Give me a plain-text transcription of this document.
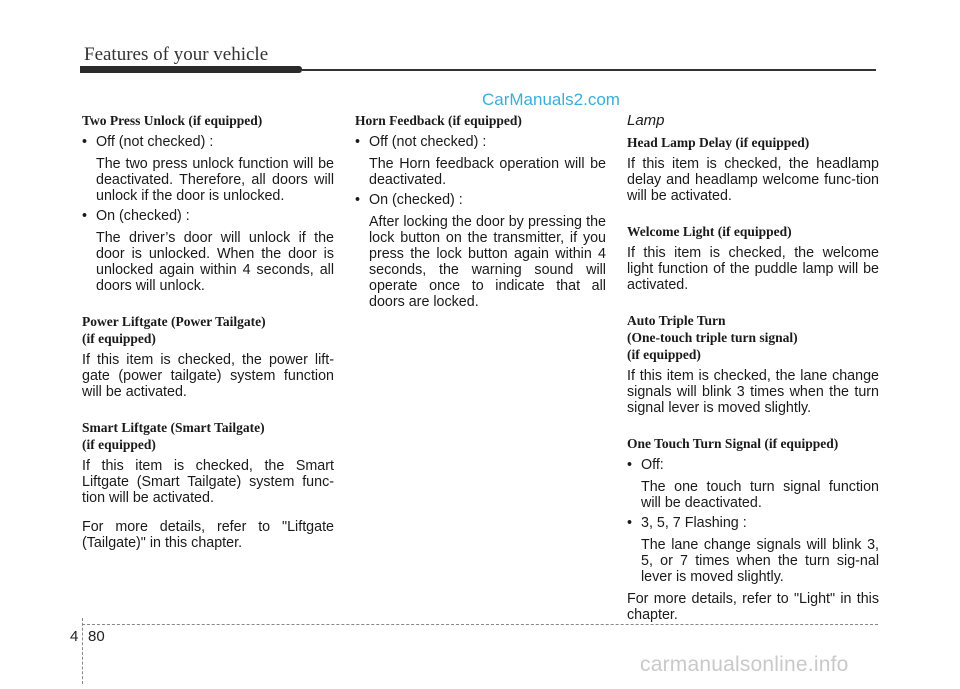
Features of your vehicle
CarManuals2.com
Two Press Unlock (if equipped)
• Off (not checked) :
The two press unlock function will be deactivated. Therefore, all doors will unlock if the door is unlocked.
• On (checked) :
The driver’s door will unlock if the door is unlocked. When the door is unlocked again within 4 seconds, all doors will unlock.
Power Liftgate (Power Tailgate)
(if equipped)

If this item is checked, the power lift-gate (power tailgate) system function will be activated.

Smart Liftgate (Smart Tailgate)
(if equipped)

If this item is checked, the Smart Liftgate (Smart Tailgate) system func-tion will be activated.

For more details, refer to "Liftgate (Tailgate)" in this chapter.

Horn Feedback (if equipped)
• Off (not checked) :
The Horn feedback operation will be deactivated.
• On (checked) :
After locking the door by pressing the lock button on the transmitter, if you press the lock button again within 4 seconds, the warning sound will operate once to indicate that all doors are locked.
Lamp
Head Lamp Delay (if equipped)

If this item is checked, the headlamp delay and headlamp welcome func-tion will be activated.

Welcome Light (if equipped)

If this item is checked, the welcome light function of the puddle lamp will be activated.

Auto Triple Turn
(One-touch triple turn signal)
(if equipped)

If this item is checked, the lane change signals will blink 3 times when the turn signal lever is moved slightly.

One Touch Turn Signal (if equipped)
• Off:
The one touch turn signal function will be deactivated.
• 3, 5, 7 Flashing :
The lane change signals will blink 3, 5, or 7 times when the turn sig-nal lever is moved slightly.

For more details, refer to "Light" in this chapter.

4 80
carmanualsonline.info
